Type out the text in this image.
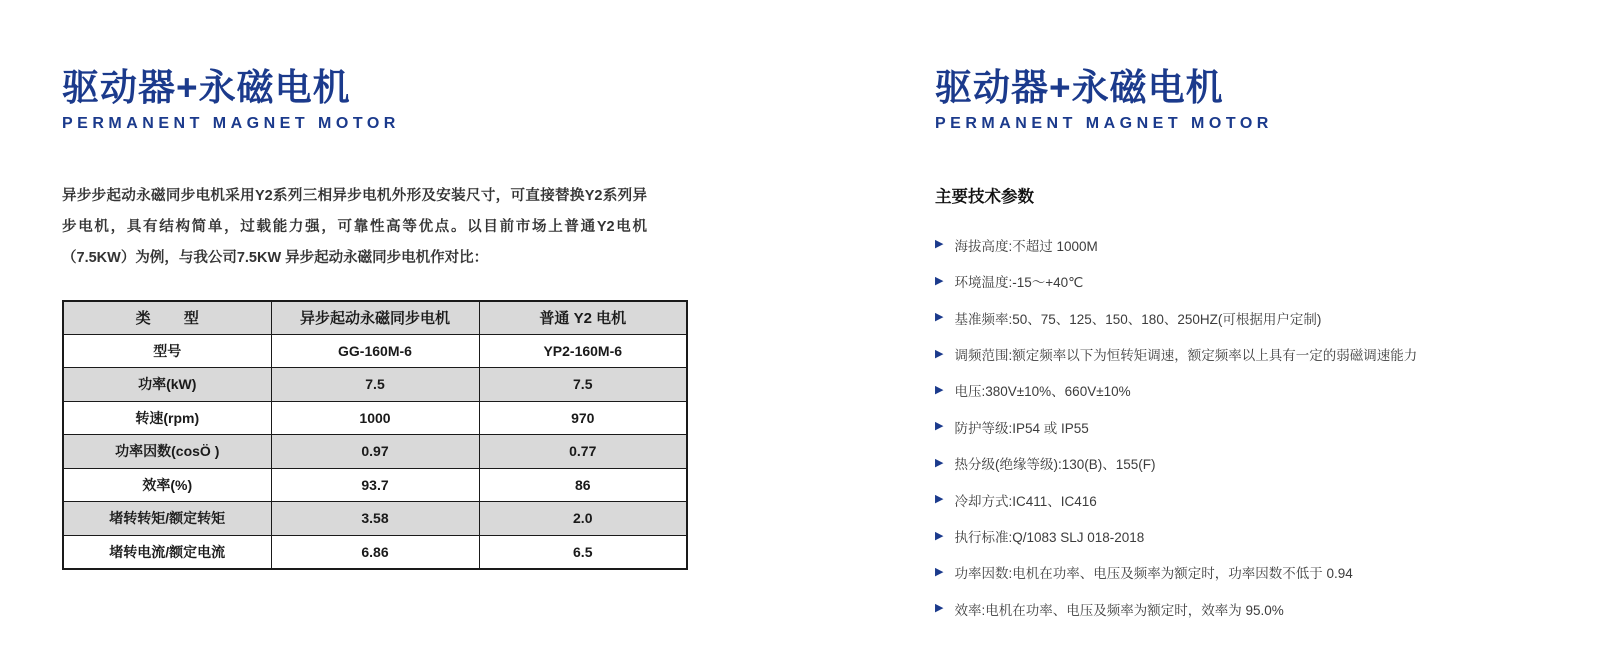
驱动器+永磁电机
PERMANENT MAGNET MOTOR

异步步起动永磁同步电机采用Y2系列三相异步电机外形及安装尺寸，可直接替换Y2系列异步电机，具有结构简单，过载能力强，可靠性高等优点。以目前市场上普通Y2电机（7.5KW）为例，与我公司7.5KW 异步起动永磁同步电机作对比：

类        型	异步起动永磁同步电机	普通 Y2 电机
型号	GG-160M-6	YP2-160M-6
功率(kW)	7.5	7.5
转速(rpm)	1000	970
功率因数(cosÖ )	0.97	0.77
效率(%)	93.7	86
堵转转矩/额定转矩	3.58	2.0
堵转电流/额定电流	6.86	6.5
驱动器+永磁电机
PERMANENT MAGNET MOTOR
主要技术参数
▶ 海拔高度:不超过 1000M
▶ 环境温度:-15～+40℃
▶ 基准频率:50、75、125、150、180、250HZ(可根据用户定制)
▶ 调频范围:额定频率以下为恒转矩调速，额定频率以上具有一定的弱磁调速能力
▶ 电压:380V±10%、660V±10%
▶ 防护等级:IP54 或 IP55
▶ 热分级(绝缘等级):130(B)、155(F)
▶ 冷却方式:IC411、IC416
▶ 执行标准:Q/1083 SLJ 018-2018
▶ 功率因数:电机在功率、电压及频率为额定时，功率因数不低于 0.94
▶ 效率:电机在功率、电压及频率为额定时，效率为 95.0%
